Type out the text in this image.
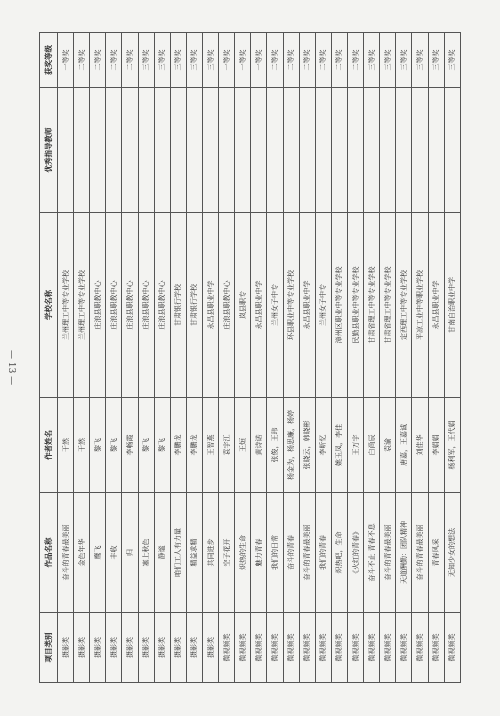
— 13 —
项目类别	作品名称	作者姓名	学校名称	优秀指导教师	获奖等级
摄影类	奋斗的青春最美丽	干然	兰州理工中等专业学校		一等奖
摄影类	金色年华	干然	兰州理工中等专业学校		二等奖
摄影类	鹰飞	黎飞	庄浪县职教中心		二等奖
摄影类	丰收	黎飞	庄浪县职教中心		二等奖
摄影类	归	李畅霞	庄浪县职教中心		二等奖
摄影类	塞上秋色	黎飞	庄浪县职教中心		三等奖
摄影类	静谧	黎飞	庄浪县职教中心		三等奖
摄影类	咱们工人有力量	李鹏龙	甘肃银行学校		三等奖
摄影类	精益求精	李鹏龙	甘肃银行学校		三等奖
摄影类	共同进步	王智燕	永昌县职业中学		三等奖
微视频类	空子花开	袁宇江	庄浪县职教中心		一等奖
微视频类	炽热的生命	王烜	岚县职专		一等奖
微视频类	魅力青春	黄诗诺	永昌县职业中学		一等奖
微视频类	我们的日常	张俊，王玮	兰州女子中专		二等奖
微视频类	奋斗的青春	杨金为，杨思廉，杨婷	环县职业中等专业学校		二等奖
微视频类	奋斗的青春最美丽	张晓云，韩晓彬	永昌县职业中学		二等奖
微视频类	我们的青春	李昕忆	兰州女子中专		二等奖
微视频类	炽热吧，生命	姚玉凤，李佳	漳州区职业中等专业学校		二等奖
微视频类	《火红的青春》	王万宇	民勤县职业中等专业学校		二等奖
微视频类	奋斗不止 青春不息	白尚辰	甘肃省理工中等专业学校		三等奖
微视频类	奋斗的青春最美丽	袁渝	甘肃省理工中等专业学校		三等奖
微视频类	天道酬勤：团队精神	唐嘉，王嘉诚	定西理工中等专业学校		三等奖
微视频类	奋斗的青春最美丽	刘佳华	平凉工业中等职业学校		三等奖
微视频类	青春风采	李娟娟	永昌县职业中学		三等奖
微视频类	无知少女的想法	杨利军，王代娟	甘南自治职业中学		三等奖
